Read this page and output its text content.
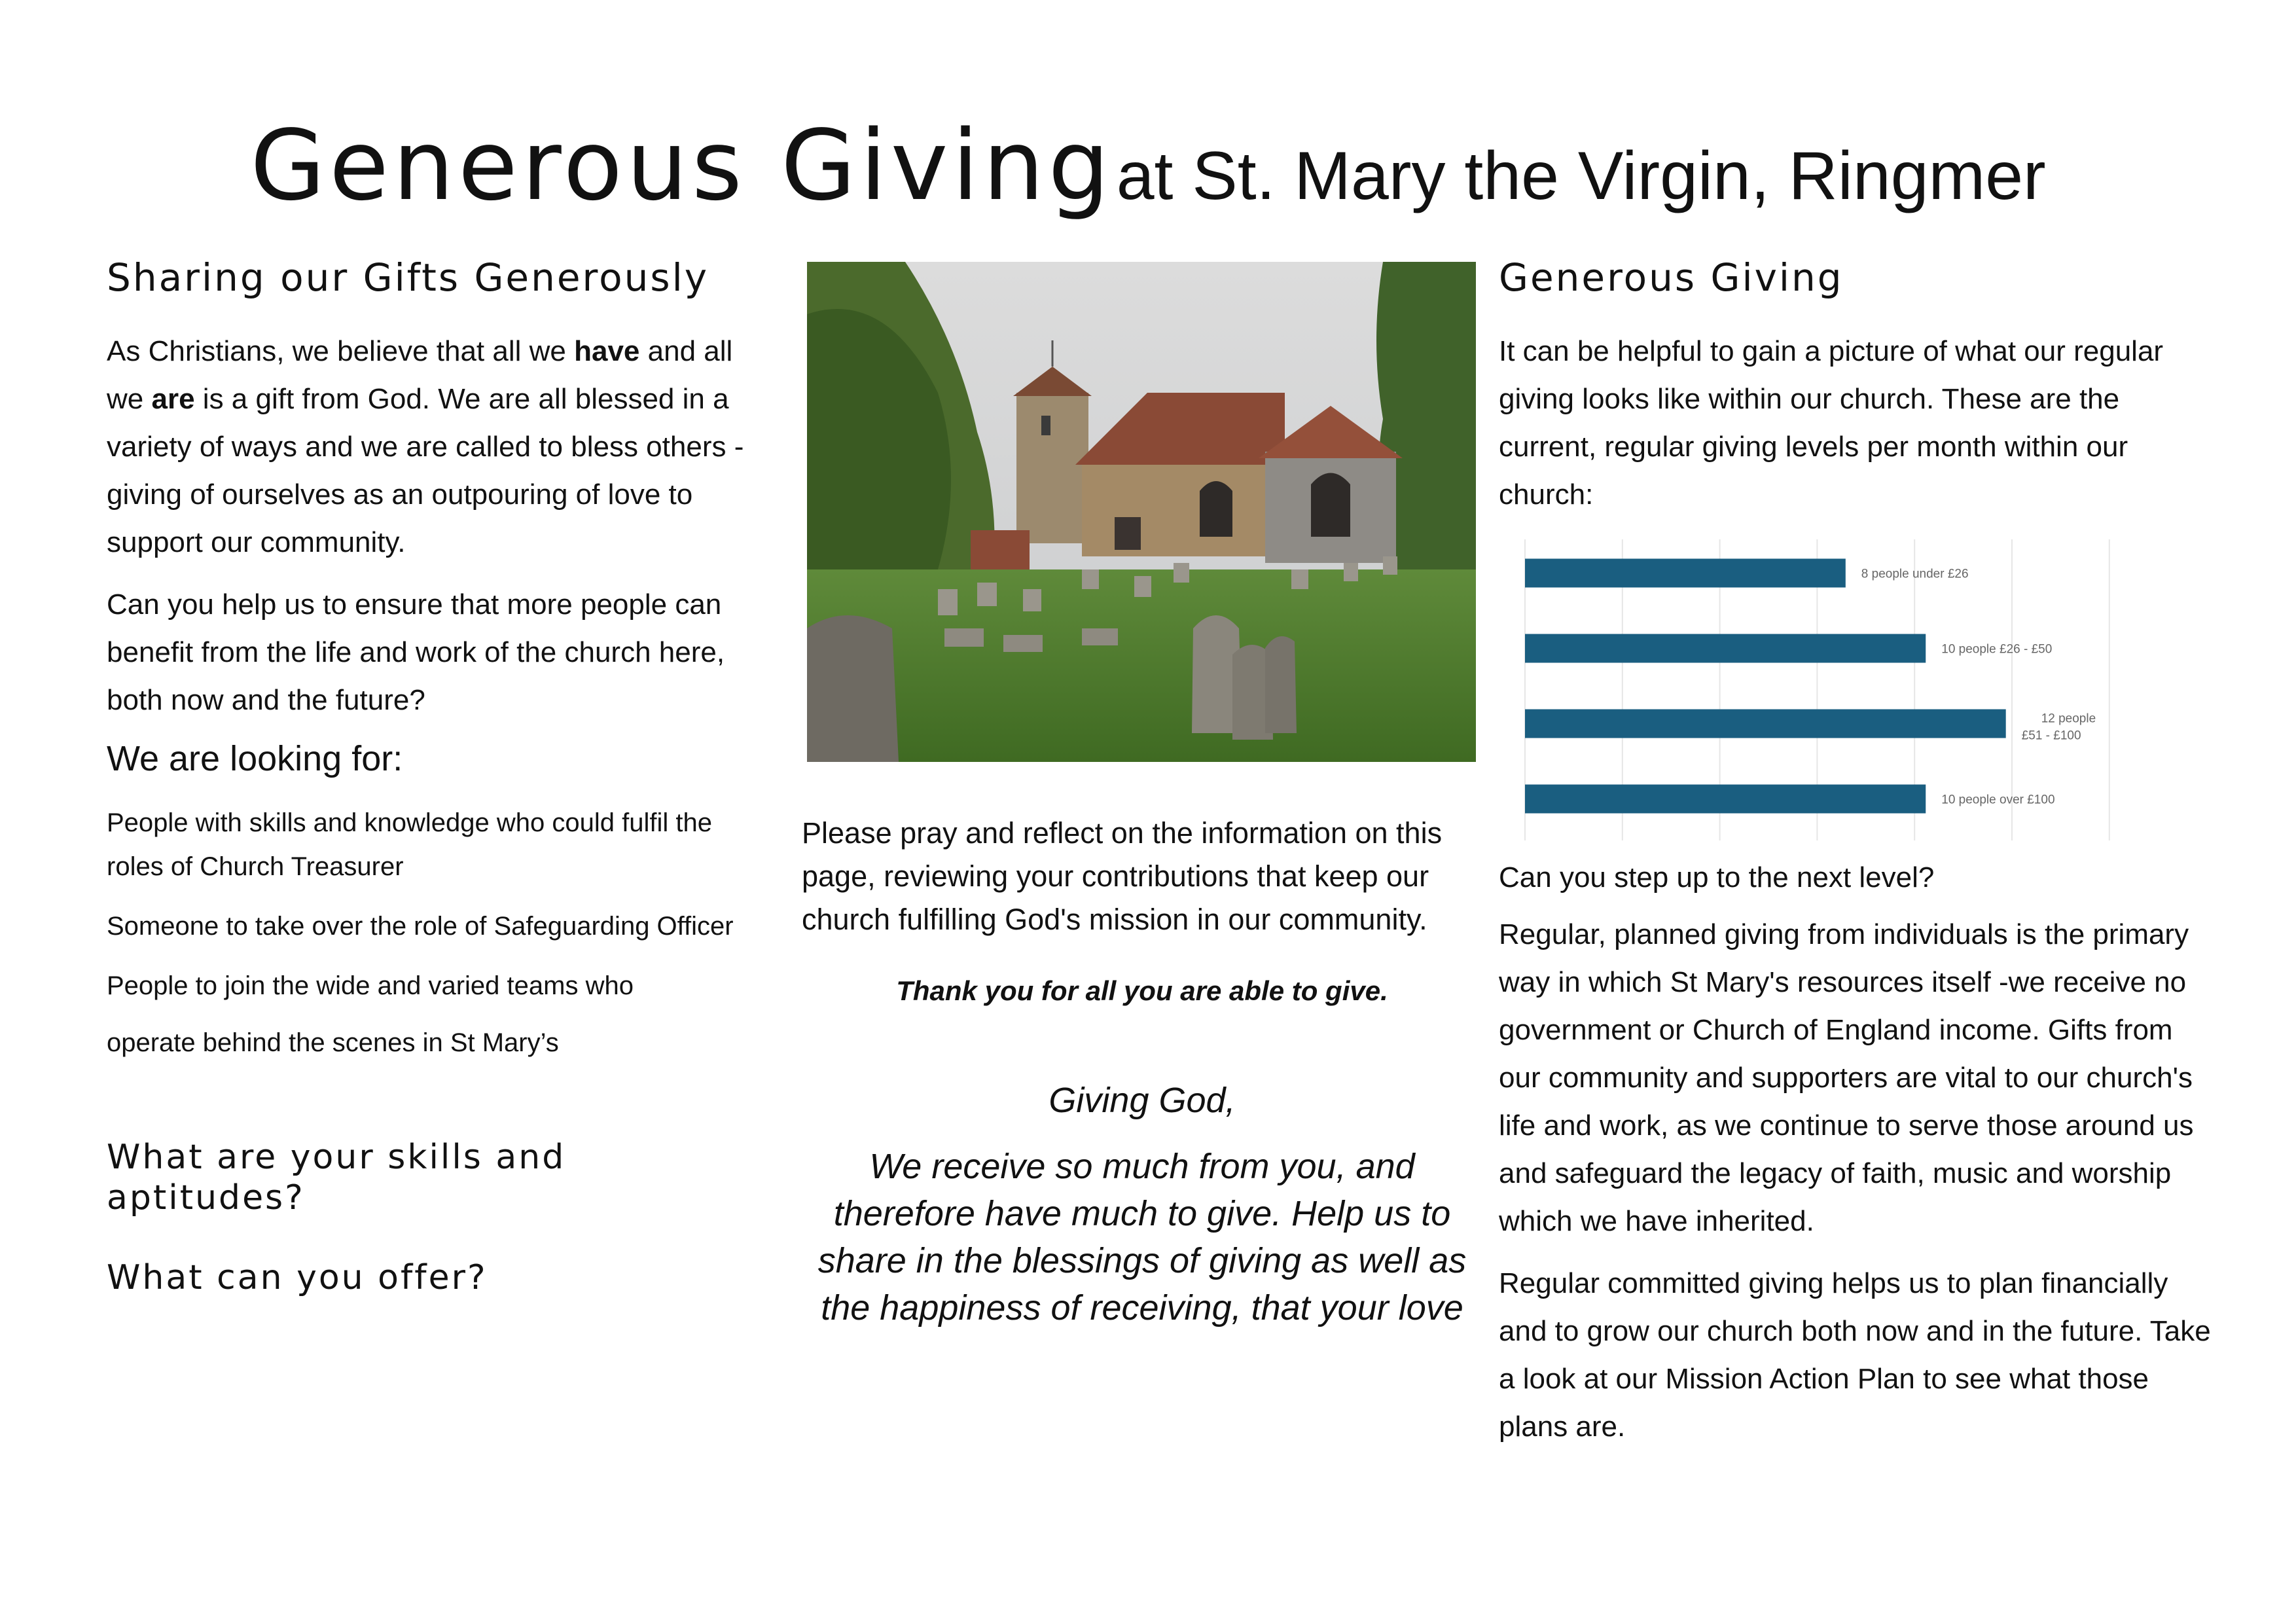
Generous Giving at St. Mary the Virgin, Ringmer

Sharing our Gifts Generously

As Christians, we believe that all we have and all we are is a gift from God. We are all blessed in a variety of ways and we are called to bless others - giving of ourselves as an outpouring of love to support our community.

Can you help us to ensure that more people can benefit from the life and work of the church here, both now and the future?

We are looking for:

People with skills and knowledge who could fulfil the roles of Church Treasurer

Someone to take over the role of Safeguarding Officer

People to join the wide and varied teams who

operate behind the scenes in St Mary’s

What are your skills and aptitudes?

What can you offer?

Please pray and reflect on the information on this page, reviewing your contributions that keep our church fulfilling God's mission in our community.

Thank you for all you are able to give.

Giving God,

We receive so much from you, and therefore have much to give. Help us to share in the blessings of giving as well as the happiness of receiving, that your love

Generous Giving

It can be helpful to gain a picture of what our regular giving looks like within our church. These are the current, regular giving levels per month within our church:

8 people under £26
10 people £26 - £50
12 people £51 - £100
10 people over £100

Can you step up to the next level?

Regular, planned giving from individuals is the primary way in which St Mary's resources itself -we receive no government or Church of England income. Gifts from our community and supporters are vital to our church's life and work, as we continue to serve those around us and safeguard the legacy of faith, music and worship which we have inherited.

Regular committed giving helps us to plan financially and to grow our church both now and in the future. Take a look at our Mission Action Plan to see what those plans are.
